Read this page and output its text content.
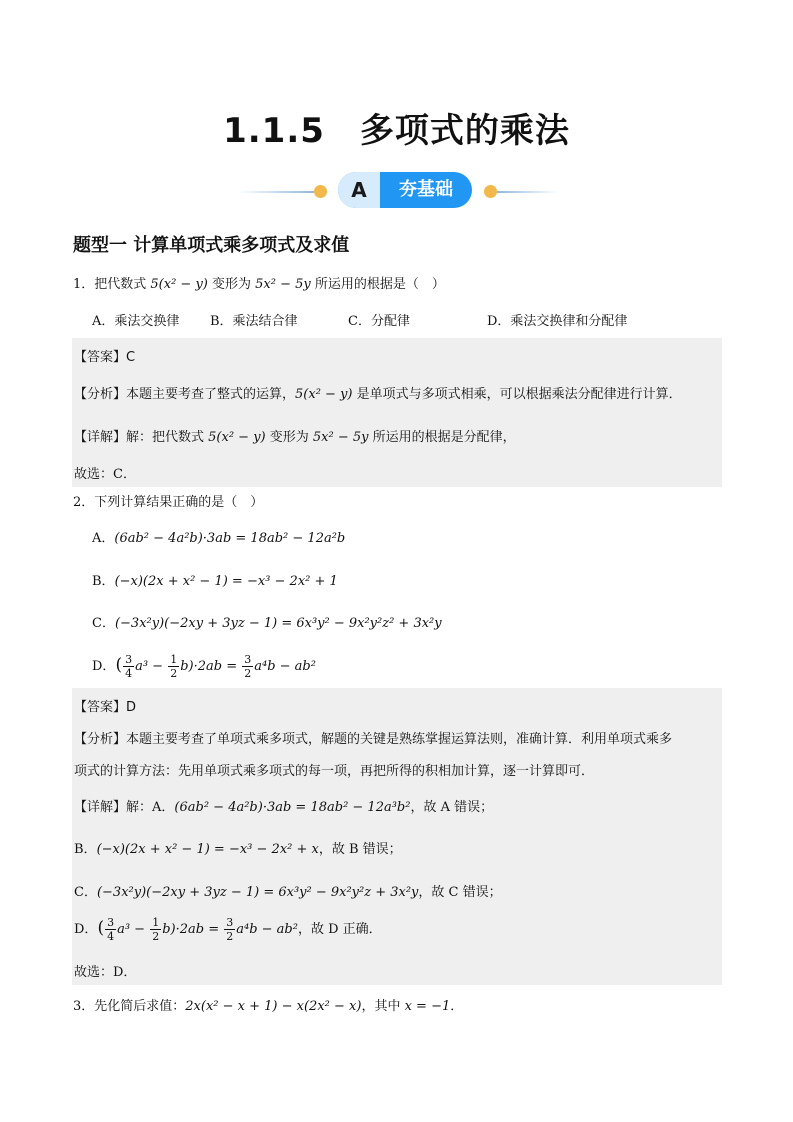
1.1.5　多项式的乘法
A	夯基础
题型一 计算单项式乘多项式及求值
1．把代数式 5(x² − y) 变形为 5x² − 5y 所运用的根据是（　）
A．乘法交换律 B．乘法结合律	C．分配律	D．乘法交换律和分配律
【答案】C
【分析】本题主要考查了整式的运算，5(x² − y) 是单项式与多项式相乘，可以根据乘法分配律进行计算．
【详解】解：把代数式 5(x² − y) 变形为 5x² − 5y 所运用的根据是分配律，
故选：C．
2．下列计算结果正确的是（　）
A．(6ab² − 4a²b)·3ab = 18ab² − 12a²b
B．(−x)(2x + x² − 1) = −x³ − 2x² + 1
C．(−3x²y)(−2xy + 3yz − 1) = 6x³y² − 9x²y²z² + 3x²y
D．( $\frac{3}{4} a^3 - \frac{1}{2} b)\cdot 2ab = \frac{3}{2} a^4b - ab^2$
【答案】D
【分析】本题主要考查了单项式乘多项式，解题的关键是熟练掌握运算法则，准确计算．利用单项式乘多
项式的计算方法：先用单项式乘多项式的每一项，再把所得的积相加计算，逐一计算即可．
【详解】解：A．(6ab² − 4a²b)·3ab = 18ab² − 12a³b²，故 A 错误；
B．(−x)(2x + x² − 1) = −x³ − 2x² + x，故 B 错误；
C．(−3x²y)(−2xy + 3yz − 1) = 6x³y² − 9x²y²z + 3x²y，故 C 错误；
D．( $\frac{3}{4} a^3 - \frac{1}{2} b)\cdot 2ab = \frac{3}{2} a^4b - ab^2$，故 D 正确．
故选：D．
3．先化简后求值：2x(x² − x + 1) − x(2x² − x)，其中 x = −1．
